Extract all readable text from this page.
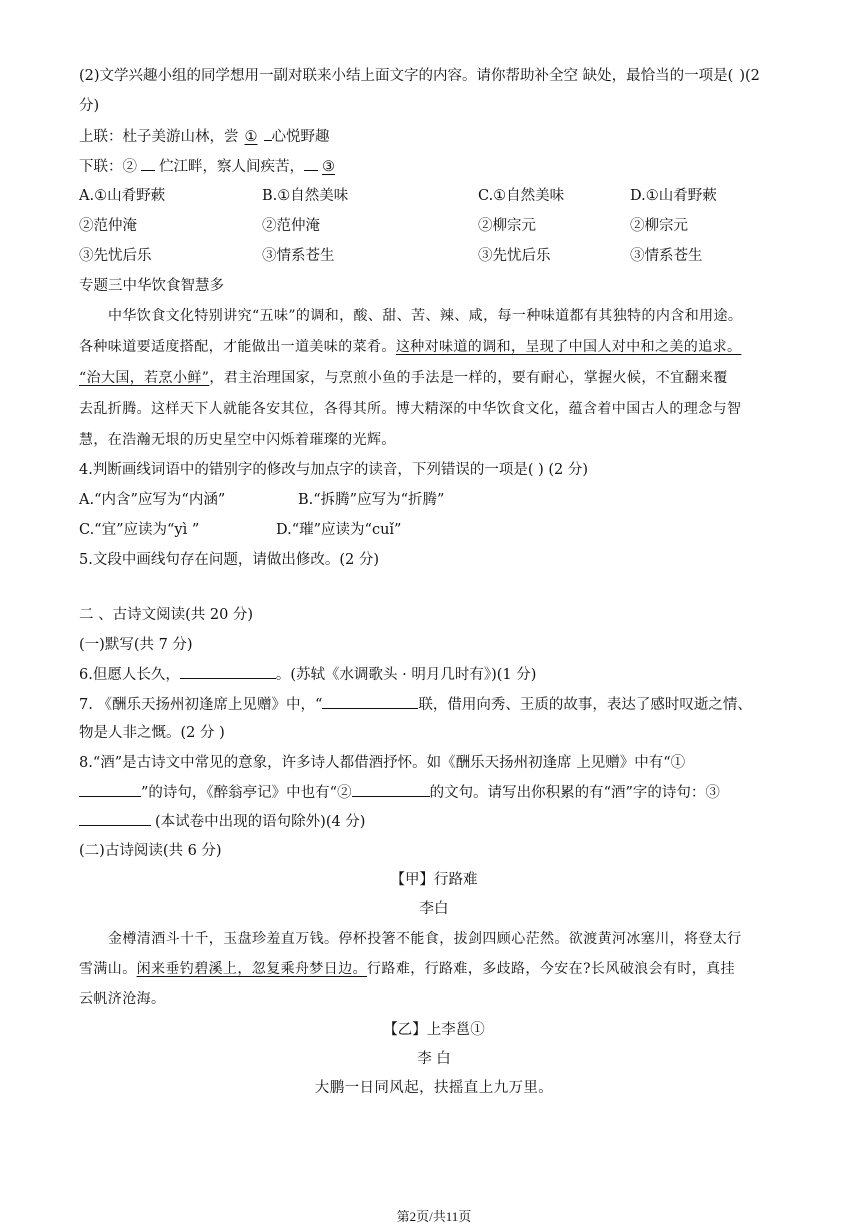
(2)文学兴趣小组的同学想用一副对联来小结上面文字的内容。请你帮助补全空 缺处，最恰当的一项是( )(2
分)
上联：杜子美游山林，尝 ① 心悦野趣
下联：② 伫江畔，察人间疾苦， ③
A.①山肴野蔌	B.①自然美味	C.①自然美味	D.①山肴野蔌
②范仲淹	②范仲淹	②柳宗元	②柳宗元
③先忧后乐	③情系苍生	③先忧后乐	③情系苍生
专题三中华饮食智慧多
中华饮食文化特别讲究“五味”的调和，酸、甜、苦、辣、咸，每一种味道都有其独特的内含和用途。
各种味道要适度搭配，才能做出一道美味的菜肴。这种对味道的调和，呈现了中国人对中和之美的追求。
“治大国，若烹小鲜”，君主治理国家，与烹煎小鱼的手法是一样的，要有耐心，掌握火候，不宜翻来覆
去乱折腾。这样天下人就能各安其位，各得其所。博大精深的中华饮食文化，蕴含着中国古人的理念与智
慧，在浩瀚无垠的历史星空中闪烁着璀璨的光辉。
4.判断画线词语中的错别字的修改与加点字的读音，下列错误的一项是( ) (2 分)
A.“内含”应写为“内涵”	B.“拆腾”应写为“折腾”
C.“宜”应读为“yì ”	D.“璀”应读为“cuǐ”
5.文段中画线句存在问题，请做出修改。(2 分)
二 、古诗文阅读(共 20 分)
(一)默写(共 7 分)
6.但愿人长久，	。(苏轼《水调歌头 · 明月几时有》)(1 分)
7. 《酬乐天扬州初逢席上见赠》中，“	联，借用向秀、王质的故事，表达了感时叹逝之情、
物是人非之慨。(2 分 )
8.“酒”是古诗文中常见的意象，许多诗人都借酒抒怀。如《酬乐天扬州初逢席 上见赠》中有“①
”的诗句，《醉翁亭记》中也有“②	的文句。请写出你积累的有“酒”字的诗句：③
(本试卷中出现的语句除外)(4 分)
(二)古诗阅读(共 6 分)
【甲】行路难
李白
金樽清酒斗十千，玉盘珍羞直万钱。停杯投箸不能食，拔剑四顾心茫然。欲渡黄河冰塞川，将登太行
雪满山。闲来垂钓碧溪上，忽复乘舟梦日边。行路难，行路难，多歧路，今安在?长风破浪会有时，真挂
云帆济沧海。
【乙】上李邕①
李 白
大鹏一日同风起，扶摇直上九万里。
第2页/共11页
